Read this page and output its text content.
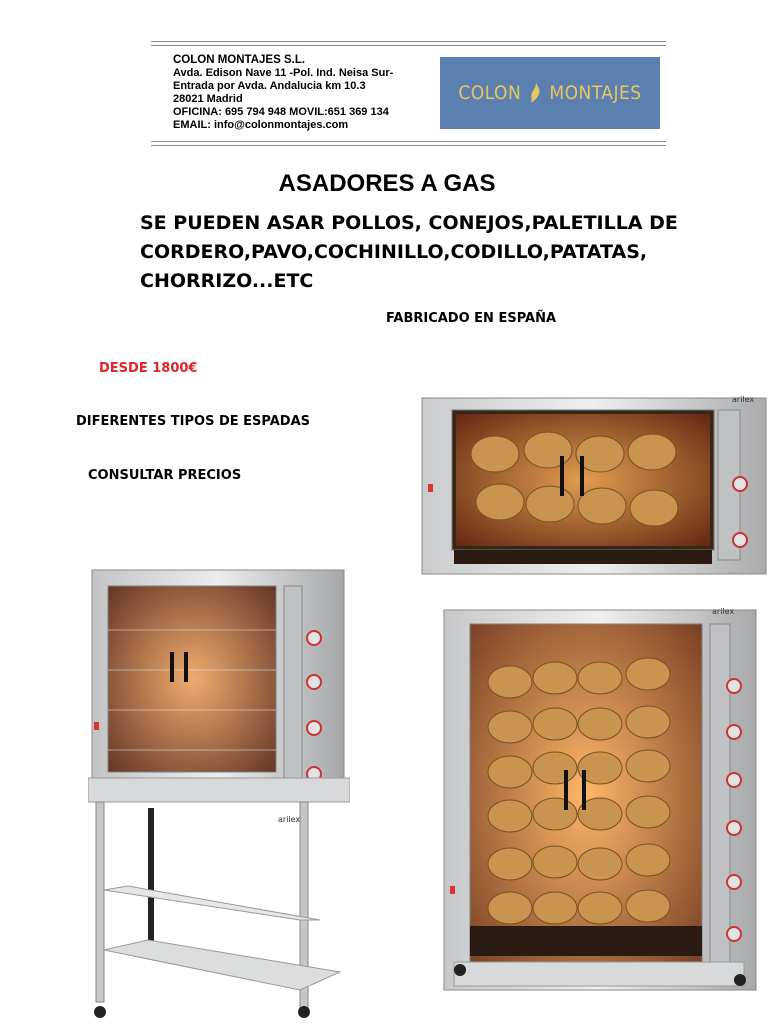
COLON MONTAJES S.L.
Avda. Edison Nave 11 -Pol. Ind. Neisa Sur-
Entrada por Avda. Andalucia km 10.3
28021 Madrid
OFICINA: 695 794 948 MOVIL:651 369 134
EMAIL: info@colonmontajes.com
COLON MONTAJES
ASADORES A GAS
SE PUEDEN ASAR POLLOS, CONEJOS,PALETILLA DE CORDERO,PAVO,COCHINILLO,CODILLO,PATATAS, CHORRIZO...ETC
FABRICADO EN ESPAÑA
DESDE 1800€
DIFERENTES TIPOS DE ESPADAS
CONSULTAR PRECIOS
arilex
arilex
arilex
